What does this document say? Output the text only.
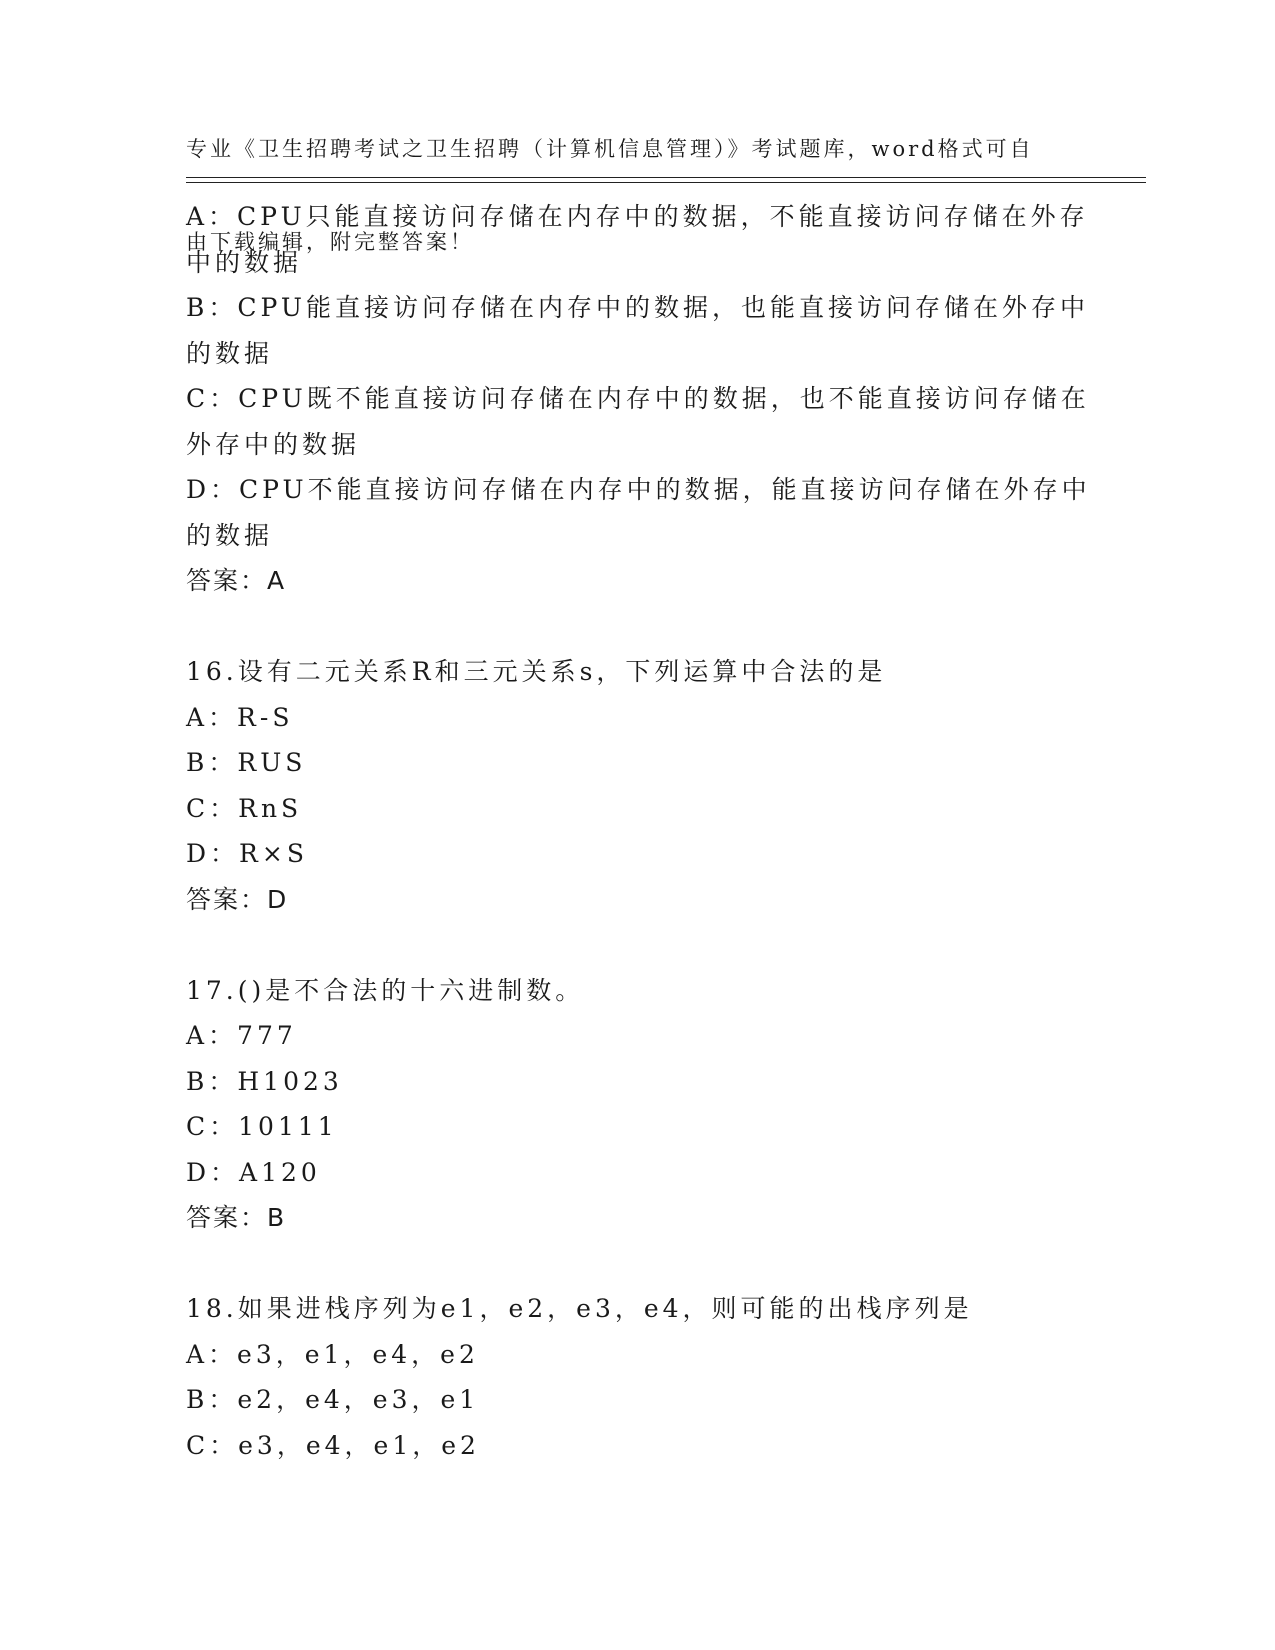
专业《卫生招聘考试之卫生招聘（计算机信息管理）》考试题库，word格式可自

由下载编辑，附完整答案！

A：CPU只能直接访问存储在内存中的数据，不能直接访问存储在外存
中的数据
B：CPU能直接访问存储在内存中的数据，也能直接访问存储在外存中
的数据
C：CPU既不能直接访问存储在内存中的数据，也不能直接访问存储在
外存中的数据
D：CPU不能直接访问存储在内存中的数据，能直接访问存储在外存中
的数据
答案：A
16.设有二元关系R和三元关系s，下列运算中合法的是
A：R-S
B：RUS
C：RnS
D：R×S
答案：D
17.()是不合法的十六进制数。
A：777
B：H1023
C：10111
D：A120
答案：B
18.如果进栈序列为e1，e2，e3，e4，则可能的出栈序列是
A：e3，e1，e4，e2
B：e2，e4，e3，e1
C：e3，e4，e1，e2
